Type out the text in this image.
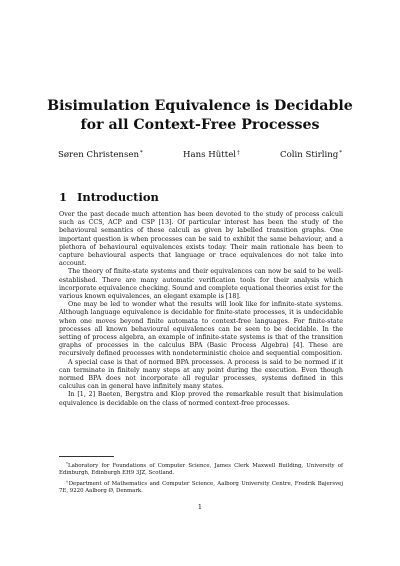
Bisimulation Equivalence is Decidable
for all Context-Free Processes
Søren Christensen*	Hans Hüttel†	Colin Stirling*
1 Introduction

Over the past decade much attention has been devoted to the study of process calculi such as CCS, ACP and CSP [13]. Of particular interest has been the study of the behavioural semantics of these calculi as given by labelled transition graphs. One important question is when processes can be said to exhibit the same behaviour, and a plethora of behavioural equivalences exists today. Their main rationale has been to capture behavioural aspects that language or trace equivalences do not take into account.

The theory of finite-state systems and their equivalences can now be said to be well-established. There are many automatic verification tools for their analysis which incorporate equivalence checking. Sound and complete equational theories exist for the various known equivalences, an elegant example is [18].

One may be led to wonder what the results will look like for infinite-state systems. Although language equivalence is decidable for finite-state processes, it is undecidable when one moves beyond finite automata to context-free languages. For finite-state processes all known behavioural equivalences can be seen to be decidable. In the setting of process algebra, an example of infinite-state systems is that of the transition graphs of processes in the calculus BPA (Basic Process Algebra) [4]. These are recursively defined processes with nondeterministic choice and sequential composition.

A special case is that of normed BPA processes. A process is said to be normed if it can terminate in finitely many steps at any point during the execution. Even though normed BPA does not incorporate all regular processes, systems defined in this calculus can in general have infinitely many states.

In [1, 2] Baeten, Bergstra and Klop proved the remarkable result that bisimulation equivalence is decidable on the class of normed context-free processes.

*Laboratory for Foundations of Computer Science, James Clerk Maxwell Building, University of Edinburgh, Edinburgh EH9 3JZ, Scotland.

†Department of Mathematics and Computer Science, Aalborg University Centre, Fredrik Bajersvej 7E, 9220 Aalborg Ø, Denmark.

1
